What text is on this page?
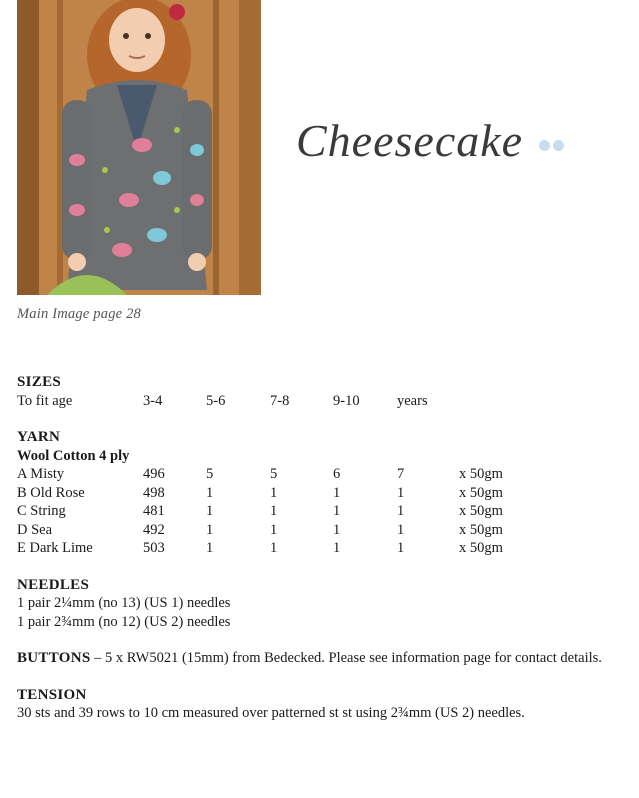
Main Image page 28
Cheesecake
SIZES
To fit age	3-4	5-6	7-8	9-10	years
YARN
Wool Cotton 4 ply
A Misty	496	5	5	6	7	x 50gm
B Old Rose	498	1	1	1	1	x 50gm
C String	481	1	1	1	1	x 50gm
D Sea	492	1	1	1	1	x 50gm
E Dark Lime	503	1	1	1	1	x 50gm
NEEDLES
1 pair 2¼mm (no 13) (US 1) needles
1 pair 2¾mm (no 12) (US 2) needles
BUTTONS – 5 x RW5021 (15mm) from Bedecked. Please see information page for contact details.
TENSION
30 sts and 39 rows to 10 cm measured over patterned st st using 2¾mm (US 2) needles.
